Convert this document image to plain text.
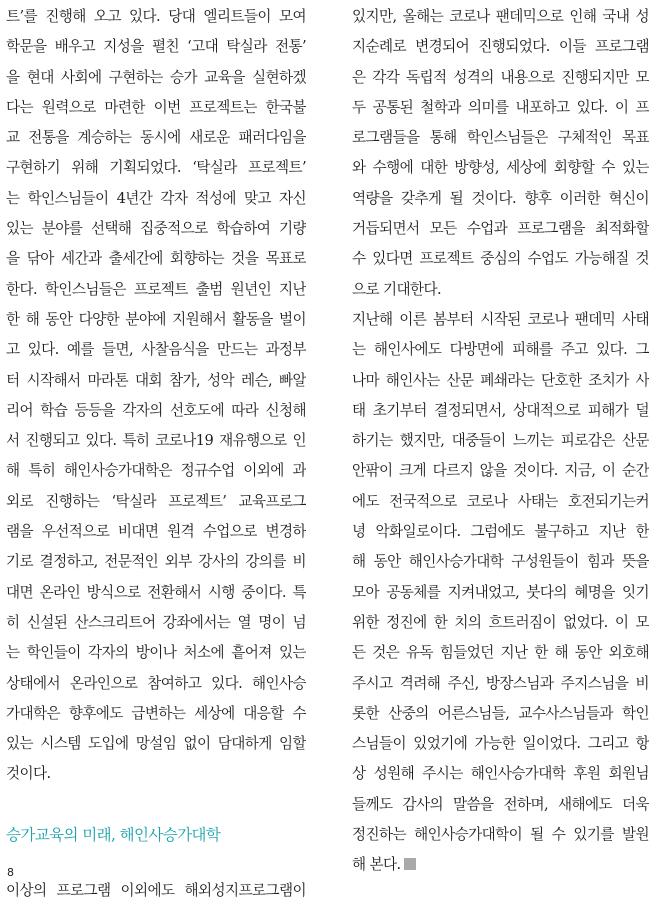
트’를 진행해 오고 있다. 당대 엘리트들이 모여
학문을 배우고 지성을 펼친 ‘고대 탁실라 전통’
을 현대 사회에 구현하는 승가 교육을 실현하겠
다는 원력으로 마련한 이번 프로젝트는 한국불
교 전통을 계승하는 동시에 새로운 패러다임을
구현하기 위해 기획되었다. ‘탁실라 프로젝트’
는 학인스님들이 4년간 각자 적성에 맞고 자신
있는 분야를 선택해 집중적으로 학습하여 기량
을 닦아 세간과 출세간에 회향하는 것을 목표로
한다. 학인스님들은 프로젝트 출범 원년인 지난
한 해 동안 다양한 분야에 지원해서 활동을 벌이
고 있다. 예를 들면, 사찰음식을 만드는 과정부
터 시작해서 마라톤 대회 참가, 성악 레슨, 빠알
리어 학습 등등을 각자의 선호도에 따라 신청해
서 진행되고 있다. 특히 코로나19 재유행으로 인
해 특히 해인사승가대학은 정규수업 이외에 과
외로 진행하는 ‘탁실라 프로젝트’ 교육프로그
램을 우선적으로 비대면 원격 수업으로 변경하
기로 결정하고, 전문적인 외부 강사의 강의를 비
대면 온라인 방식으로 전환해서 시행 중이다. 특
히 신설된 산스크리트어 강좌에서는 열 명이 넘
는 학인들이 각자의 방이나 처소에 흩어져 있는
상태에서 온라인으로 참여하고 있다. 해인사승
가대학은 향후에도 급변하는 세상에 대응할 수
있는 시스템 도입에 망설임 없이 담대하게 임할
것이다.
승가교육의 미래, 해인사승가대학
이상의 프로그램 이외에도 해외성지프로그램이
있지만, 올해는 코로나 팬데믹으로 인해 국내 성
지순례로 변경되어 진행되었다. 이들 프로그램
은 각각 독립적 성격의 내용으로 진행되지만 모
두 공통된 철학과 의미를 내포하고 있다. 이 프
로그램들을 통해 학인스님들은 구체적인 목표
와 수행에 대한 방향성, 세상에 회향할 수 있는
역량을 갖추게 될 것이다. 향후 이러한 혁신이
거듭되면서 모든 수업과 프로그램을 최적화할
수 있다면 프로젝트 중심의 수업도 가능해질 것
으로 기대한다.
지난해 이른 봄부터 시작된 코로나 팬데믹 사태
는 해인사에도 다방면에 피해를 주고 있다. 그
나마 해인사는 산문 폐쇄라는 단호한 조치가 사
태 초기부터 결정되면서, 상대적으로 피해가 덜
하기는 했지만, 대중들이 느끼는 피로감은 산문
안팎이 크게 다르지 않을 것이다. 지금, 이 순간
에도 전국적으로 코로나 사태는 호전되기는커
녕 악화일로이다. 그럼에도 불구하고 지난 한
해 동안 해인사승가대학 구성원들이 힘과 뜻을
모아 공동체를 지켜내었고, 붓다의 혜명을 잇기
위한 정진에 한 치의 흐트러짐이 없었다. 이 모
든 것은 유독 힘들었던 지난 한 해 동안 외호해
주시고 격려해 주신, 방장스님과 주지스님을 비
롯한 산중의 어른스님들, 교수사스님들과 학인
스님들이 있었기에 가능한 일이었다. 그리고 항
상 성원해 주시는 해인사승가대학 후원 회원님
들께도 감사의 말씀을 전하며, 새해에도 더욱
정진하는 해인사승가대학이 될 수 있기를 발원
해 본다.
8
